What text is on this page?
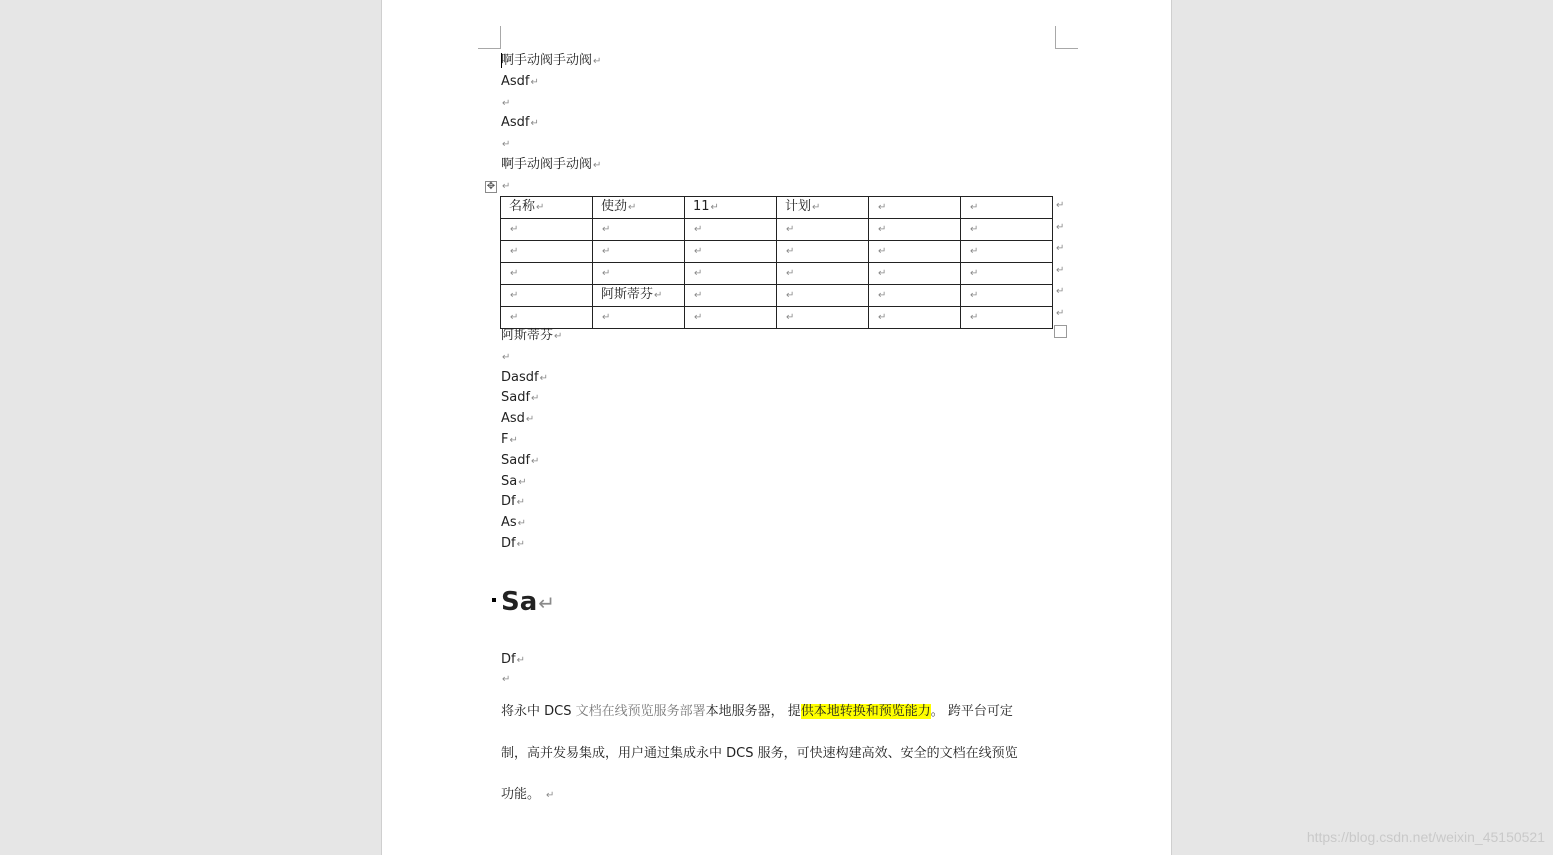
啊手动阀手动阀↵
Asdf↵
↵
Asdf↵
↵
啊手动阀手动阀↵
↵
✥
名称↵	使劲↵	11↵	计划↵	↵	↵
↵	↵	↵	↵	↵	↵
↵	↵	↵	↵	↵	↵
↵	↵	↵	↵	↵	↵
↵	阿斯蒂芬↵	↵	↵	↵	↵
↵	↵	↵	↵	↵	↵
↵
↵
↵
↵
↵
↵
阿斯蒂芬↵
↵
Dasdf↵
Sadf↵
Asd↵
F↵
Sadf↵
Sa↵
Df↵
As↵
Df↵
Sa↵
Df↵
↵
将永中 DCS 文档在线预览服务部署本地服务器， 提供本地转换和预览能力。 跨平台可定
制，高并发易集成，用户通过集成永中 DCS 服务，可快速构建高效、安全的文档在线预览
功能。 ↵
https://blog.csdn.net/weixin_45150521
